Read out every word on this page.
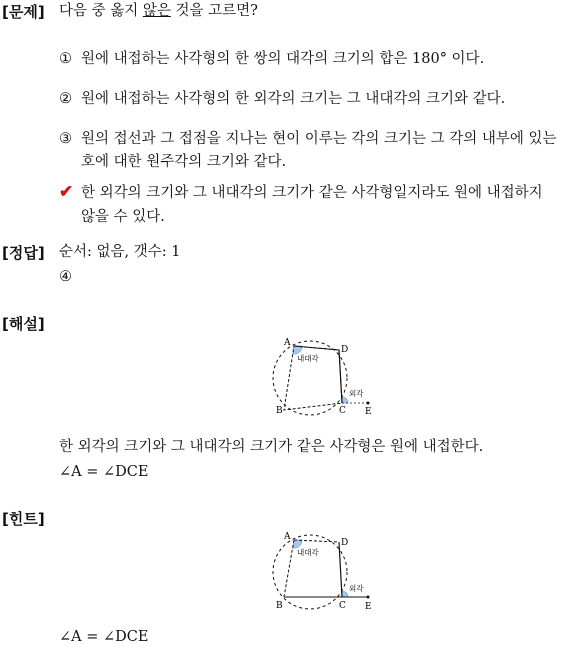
[문제] 다음 중 옳지 않은 것을 고르면?
① 원에 내접하는 사각형의 한 쌍의 대각의 크기의 합은 180° 이다.
② 원에 내접하는 사각형의 한 외각의 크기는 그 내대각의 크기와 같다.
③ 원의 접선과 그 접점을 지나는 현이 이루는 각의 크기는 그 각의 내부에 있는
호에 대한 원주각의 크기와 같다.
✔ 한 외각의 크기와 그 내대각의 크기가 같은 사각형일지라도 원에 내접하지
않을 수 있다.
[정답] 순서: 없음, 갯수: 1
④
[해설]
A
D
B	C E
내대각
외각
한 외각의 크기와 그 내대각의 크기가 같은 사각형은 원에 내접한다.
∠A = ∠DCE
[힌트]
A
D
B	C E
내대각
외각
∠A = ∠DCE
